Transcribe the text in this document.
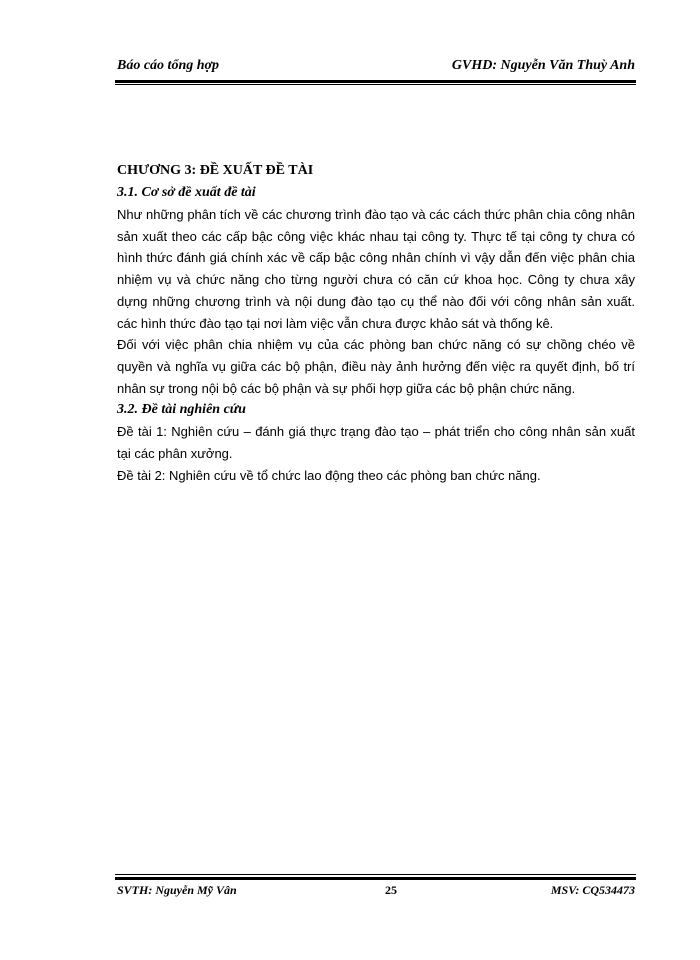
Báo cáo tổng hợp	GVHD: Nguyễn Văn Thuỳ Anh

CHƯƠNG 3: ĐỀ XUẤT ĐỀ TÀI

3.1. Cơ sở đề xuất đề tài

Như những phân tích về các chương trình đào tạo và các cách thức phân chia công nhân sản xuất theo các cấp bậc công việc khác nhau tại công ty. Thực tế tại công ty chưa có hình thức đánh giá chính xác về cấp bậc công nhân chính vì vậy dẫn đến việc phân chia nhiệm vụ và chức năng cho từng người chưa có căn cứ khoa học. Công ty chưa xây dựng những chương trình và nội dung đào tạo cụ thể nào đối với công nhân sản xuất. các hình thức đào tạo tại nơi làm việc vẫn chưa được khảo sát và thống kê.

Đối với việc phân chia nhiệm vụ của các phòng ban chức năng có sự chồng chéo về quyền và nghĩa vụ giữa các bộ phận, điều này ảnh hưởng đến việc ra quyết định, bố trí nhân sự trong nội bộ các bộ phận và sự phối hợp giữa các bộ phận chức năng.

3.2. Đề tài nghiên cứu

Đề tài 1: Nghiên cứu – đánh giá thực trạng đào tạo – phát triển cho công nhân sản xuất tại các phân xưởng.

Đề tài 2: Nghiên cứu về tổ chức lao động theo các phòng ban chức năng.

SVTH: Nguyễn Mỹ Vân	25	MSV: CQ534473
